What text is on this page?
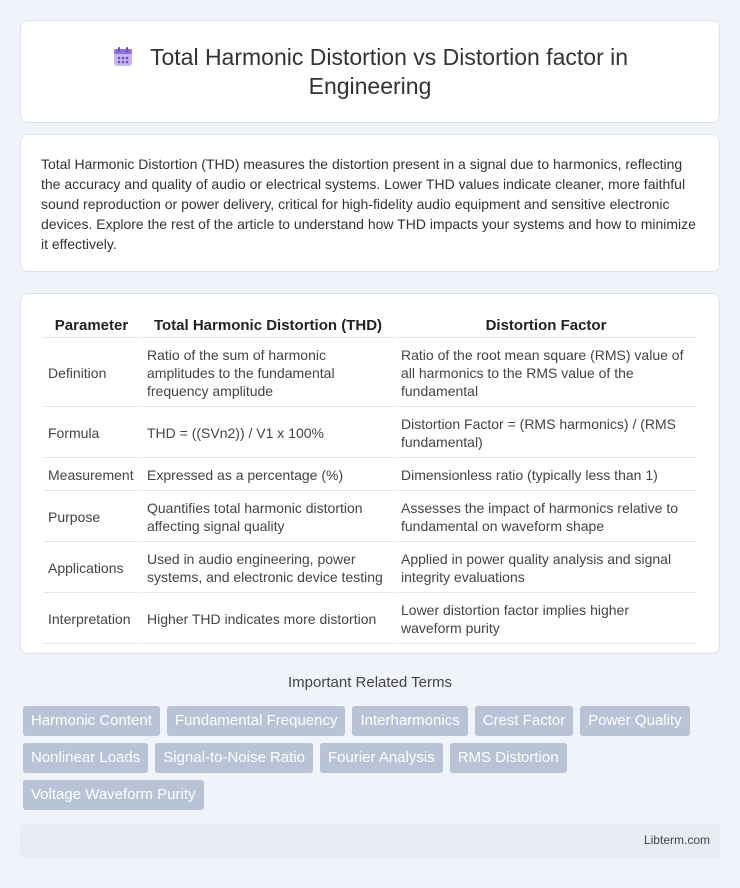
Total Harmonic Distortion vs Distortion factor in Engineering

Total Harmonic Distortion (THD) measures the distortion present in a signal due to harmonics, reflecting the accuracy and quality of audio or electrical systems. Lower THD values indicate cleaner, more faithful sound reproduction or power delivery, critical for high-fidelity audio equipment and sensitive electronic devices. Explore the rest of the article to understand how THD impacts your systems and how to minimize it effectively.

Parameter	Total Harmonic Distortion (THD)	Distortion Factor
Definition	Ratio of the sum of harmonic amplitudes to the fundamental frequency amplitude	Ratio of the root mean square (RMS) value of all harmonics to the RMS value of the fundamental
Formula	THD = ((SVn2)) / V1 x 100%	Distortion Factor = (RMS harmonics) / (RMS fundamental)
Measurement	Expressed as a percentage (%)	Dimensionless ratio (typically less than 1)
Purpose	Quantifies total harmonic distortion affecting signal quality	Assesses the impact of harmonics relative to fundamental on waveform shape
Applications	Used in audio engineering, power systems, and electronic device testing	Applied in power quality analysis and signal integrity evaluations
Interpretation	Higher THD indicates more distortion	Lower distortion factor implies higher waveform purity
Important Related Terms
Harmonic Content	Fundamental Frequency	Interharmonics	Crest Factor	Power Quality
Nonlinear Loads	Signal-to-Noise Ratio	Fourier Analysis	RMS Distortion
Voltage Waveform Purity
Libterm.com
